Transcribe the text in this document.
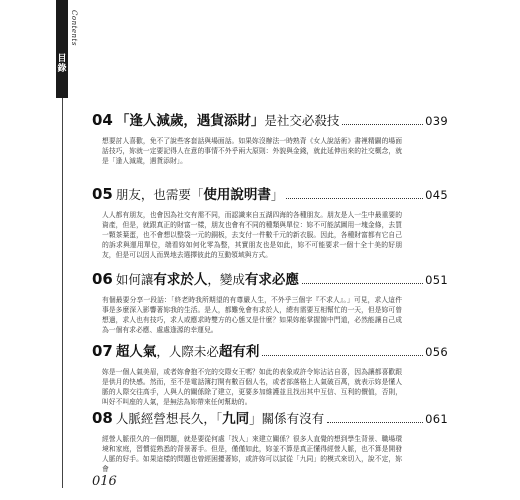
目錄
Contents
04 「逢人減歲，遇貨添財」 是社交必殺技	039
想要討人喜歡，免不了說些客套話與場面話。如果妳沒辦法一時熟背《女人說話術》書裡精闢的場面話技巧，妳就一定要記得人在意的事情不外乎兩大原則：外貌與金錢，就此延伸出來的社交概念，就是「逢人減歲，遇貨添財」。
05 朋友，也需要「 使用說明書 」	045
人人都有朋友，也會因為社交有需不同，而認識來自五湖四海的各種朋友。朋友是人一生中最重要的資產，但是，就跟真正的財富一樣，朋友也會有不同的種類與單位：妳不可能試圖用一塊金條，去買一顆茶葉蛋，也不會想以整袋一元的銅板，去支付一件數千元的新衣服。因此，各種財富都有它自己的訴求與運用單位，端看妳如何化零為整，其實朋友也是如此，妳不可能要求一個十全十美的好朋友，但是可以因人而異地去選擇彼此的互動領域與方式。
06 如何讓 有求於人 ，變成 有求必應	051
有個最要分享一段話：「終老時我所期望的有尊嚴人生，不外乎三個字『不求人』。」可見，求人這件事是多麼深入影響著妳我的生活。是人，都難免會有求於人，總有需要互相幫忙的一天，但是妳可曾想過，求人也有技巧，求人或應求時雙方的心態又是什麼？如果妳能掌握箇中門道，必然能讓自己成為一個有求必應、處處逢源的幸運兒。
07 超人氣 ，人際未必 超有利	056
妳是一個人氣美眉，或者妳會抱不完的交際女王嗎？如此的表象或許令妳沾沾自喜，因為讓都喜歡跟是供月的快感。然而，至不是電話簿打開有數百個人名，或者部落格上人氣破百萬，就表示妳是懂人脈的人際交往高手，人與人的關係除了建立，更要多加維護並且找出其中互信、互利的價值，否則，叫好不叫座的人氣，是無法為妳帶來任何幫助的。
08 人脈經營想長久，「 九同 」關係有沒有	061
經營人脈很久的一個問題，就是要從何處「找人」來建立關係？很多人直覺的想到學生背景、職場環境和家庭，習慣從熟悉的背景著手。但是，僅僅如此，妳並不算是真正懂得經營人脈，也不算是開發人脈的好手。如果這樣的問題也曾經困擾著妳，或許妳可以試從「九同」的模式來切入，說不定，妳會
016
